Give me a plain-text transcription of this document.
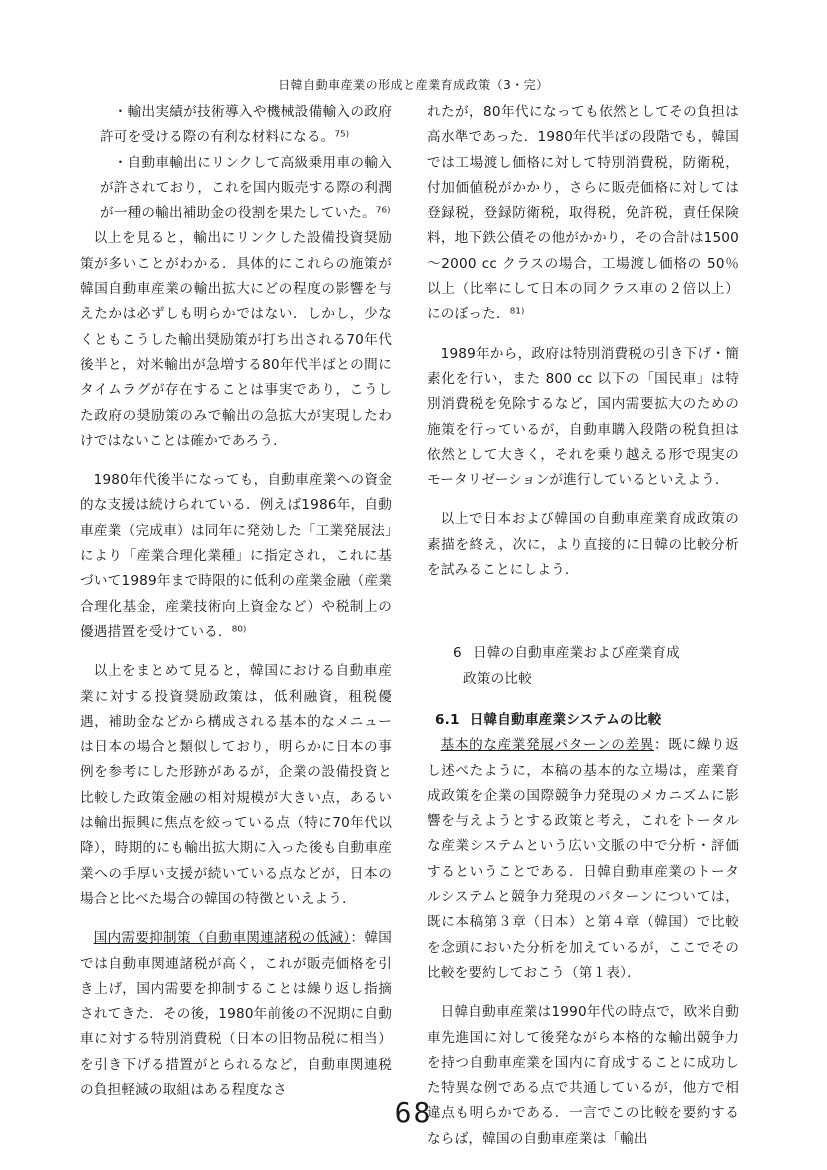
日韓自動車産業の形成と産業育成政策（3・完）

・輸出実績が技術導入や機械設備輸入の政府許可を受ける際の有利な材料になる。⁷⁵⁾

・自動車輸出にリンクして高級乗用車の輸入が許されており，これを国内販売する際の利潤が一種の輸出補助金の役割を果たしていた。⁷⁶⁾

以上を見ると，輸出にリンクした設備投資奨励策が多いことがわかる．具体的にこれらの施策が韓国自動車産業の輸出拡大にどの程度の影響を与えたかは必ずしも明らかではない．しかし，少なくともこうした輸出奨励策が打ち出される70年代後半と，対米輸出が急増する80年代半ばとの間にタイムラグが存在することは事実であり，こうした政府の奨励策のみで輸出の急拡大が実現したわけではないことは確かであろう．

1980年代後半になっても，自動車産業への資金的な支援は続けられている．例えば1986年，自動車産業（完成車）は同年に発効した「工業発展法」により「産業合理化業種」に指定され，これに基づいて1989年まで時限的に低利の産業金融（産業合理化基金，産業技術向上資金など）や税制上の優遇措置を受けている．⁸⁰⁾

以上をまとめて見ると，韓国における自動車産業に対する投資奨励政策は，低利融資，租税優遇，補助金などから構成される基本的なメニューは日本の場合と類似しており，明らかに日本の事例を参考にした形跡があるが，企業の設備投資と比較した政策金融の相対規模が大きい点，あるいは輸出振興に焦点を絞っている点（特に70年代以降），時期的にも輸出拡大期に入った後も自動車産業への手厚い支援が続いている点などが，日本の場合と比べた場合の韓国の特徴といえよう．

国内需要抑制策（自動車関連諸税の低減）：韓国では自動車関連諸税が高く，これが販売価格を引き上げ，国内需要を抑制することは繰り返し指摘されてきた．その後，1980年前後の不況期に自動車に対する特別消費税（日本の旧物品税に相当）を引き下げる措置がとられるなど，自動車関連税の負担軽減の取組はある程度なさ

れたが，80年代になっても依然としてその負担は高水準であった．1980年代半ばの段階でも，韓国では工場渡し価格に対して特別消費税，防衛税，付加価値税がかかり，さらに販売価格に対しては登録税，登録防衛税，取得税，免許税，責任保険料，地下鉄公債その他がかかり，その合計は1500～2000 cc クラスの場合，工場渡し価格の 50％ 以上（比率にして日本の同クラス車の２倍以上）にのぼった．⁸¹⁾

1989年から，政府は特別消費税の引き下げ・簡素化を行い，また 800 cc 以下の「国民車」は特別消費税を免除するなど，国内需要拡大のための施策を行っているが，自動車購入段階の税負担は依然として大きく，それを乗り越える形で現実のモータリゼーションが進行しているといえよう．

以上で日本および韓国の自動車産業育成政策の素描を終え，次に，より直接的に日韓の比較分析を試みることにしよう．

6 日韓の自動車産業および産業育成
政策の比較
6.1 日韓自動車産業システムの比較

基本的な産業発展パターンの差異：既に繰り返し述べたように，本稿の基本的な立場は，産業育成政策を企業の国際競争力発現のメカニズムに影響を与えようとする政策と考え，これをトータルな産業システムという広い文脈の中で分析・評価するということである．日韓自動車産業のトータルシステムと競争力発現のパターンについては，既に本稿第３章（日本）と第４章（韓国）で比較を念頭においた分析を加えているが，ここでその比較を要約しておこう（第１表）．

日韓自動車産業は1990年代の時点で，欧米自動車先進国に対して後発ながら本格的な輸出競争力を持つ自動車産業を国内に育成することに成功した特異な例である点で共通しているが，他方で相違点も明らかである．一言でこの比較を要約するならば，韓国の自動車産業は「輸出

68
